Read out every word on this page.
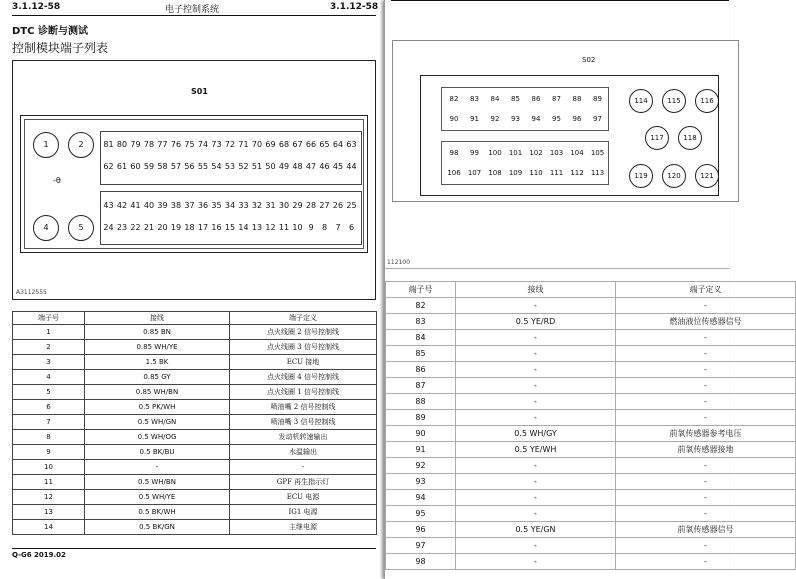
3.1.12-58	电子控制系统	3.1.12-58
DTC 诊断与测试
控制模块端子列表
S01
1	2
4	5
-θ
81 80 79 78 77 76 75 74 73 72 71 70 69 68 67 66 65 64 63
62 61 60 59 58 57 56 55 54 53 52 51 50 49 48 47 46 45 44
43 42 41 40 39 38 37 36 35 34 33 32 31 30 29 28 27 26 25
24 23 22 21 20 19 18 17 16 15 14 13 12 11 10 9	8	7	6
A3112555
端子号	接线	端子定义
1	0.85 BN	点火线圈 2 信号控制线
2	0.85 WH/YE	点火线圈 3 信号控制线
3	1.5 BK	ECU 接地
4	0.85 GY	点火线圈 4 信号控制线
5	0.85 WH/BN	点火线圈 1 信号控制线
6	0.5 PK/WH	喷油嘴 2 信号控制线
7	0.5 WH/GN	喷油嘴 3 信号控制线
8	0.5 WH/OG	发动机转速输出
9	0.5 BK/BU	水温输出
10	-	-
11	0.5 WH/BN	GPF 再生指示灯
12	0.5 WH/YE	ECU 电源
13	0.5 BK/WH	IG1 电源
14	0.5 BK/GN	主继电源
Q-G6 2019.02
S02
82	83	84	85	86	87	88	89
90	91	92	93	94	95	96	97
98	99	100	101	102	103	104	105
106	107	108	109	110	111	112	113
114	115	116
117	118
119	120	121
112100
端子号	接线	端子定义
82	-	-
83	0.5 YE/RD	燃油液位传感器信号
84	-	-
85	-	-
86	-	-
87	-	-
88	-	-
89	-	-
90	0.5 WH/GY	前氧传感器参考电压
91	0.5 YE/WH	前氧传感器接地
92	-	-
93	-	-
94	-	-
95	-	-
96	0.5 YE/GN	前氧传感器信号
97	-	-
98	-	-
